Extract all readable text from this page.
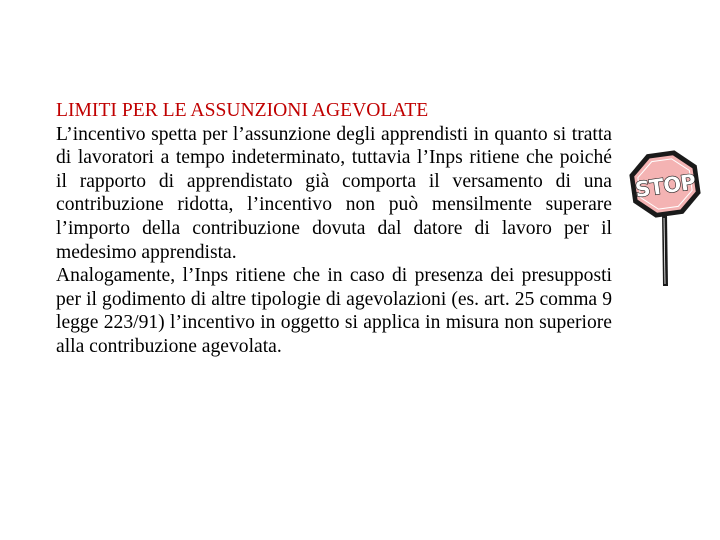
LIMITI PER LE ASSUNZIONI AGEVOLATE

L’incentivo spetta per l’assunzione degli apprendisti in quanto si tratta di lavoratori a tempo indeterminato, tuttavia l’Inps ritiene che poiché il rapporto di apprendistato già comporta il versamento di una contribuzione ridotta, l’incentivo non può mensilmente superare l’importo della contribuzione dovuta dal datore di lavoro per il medesimo apprendista.

Analogamente, l’Inps ritiene che in caso di presenza dei presupposti per il godimento di altre tipologie di agevolazioni (es. art. 25 comma 9 legge 223/91) l’incentivo in oggetto si applica in misura non superiore alla contribuzione agevolata.

STOP
